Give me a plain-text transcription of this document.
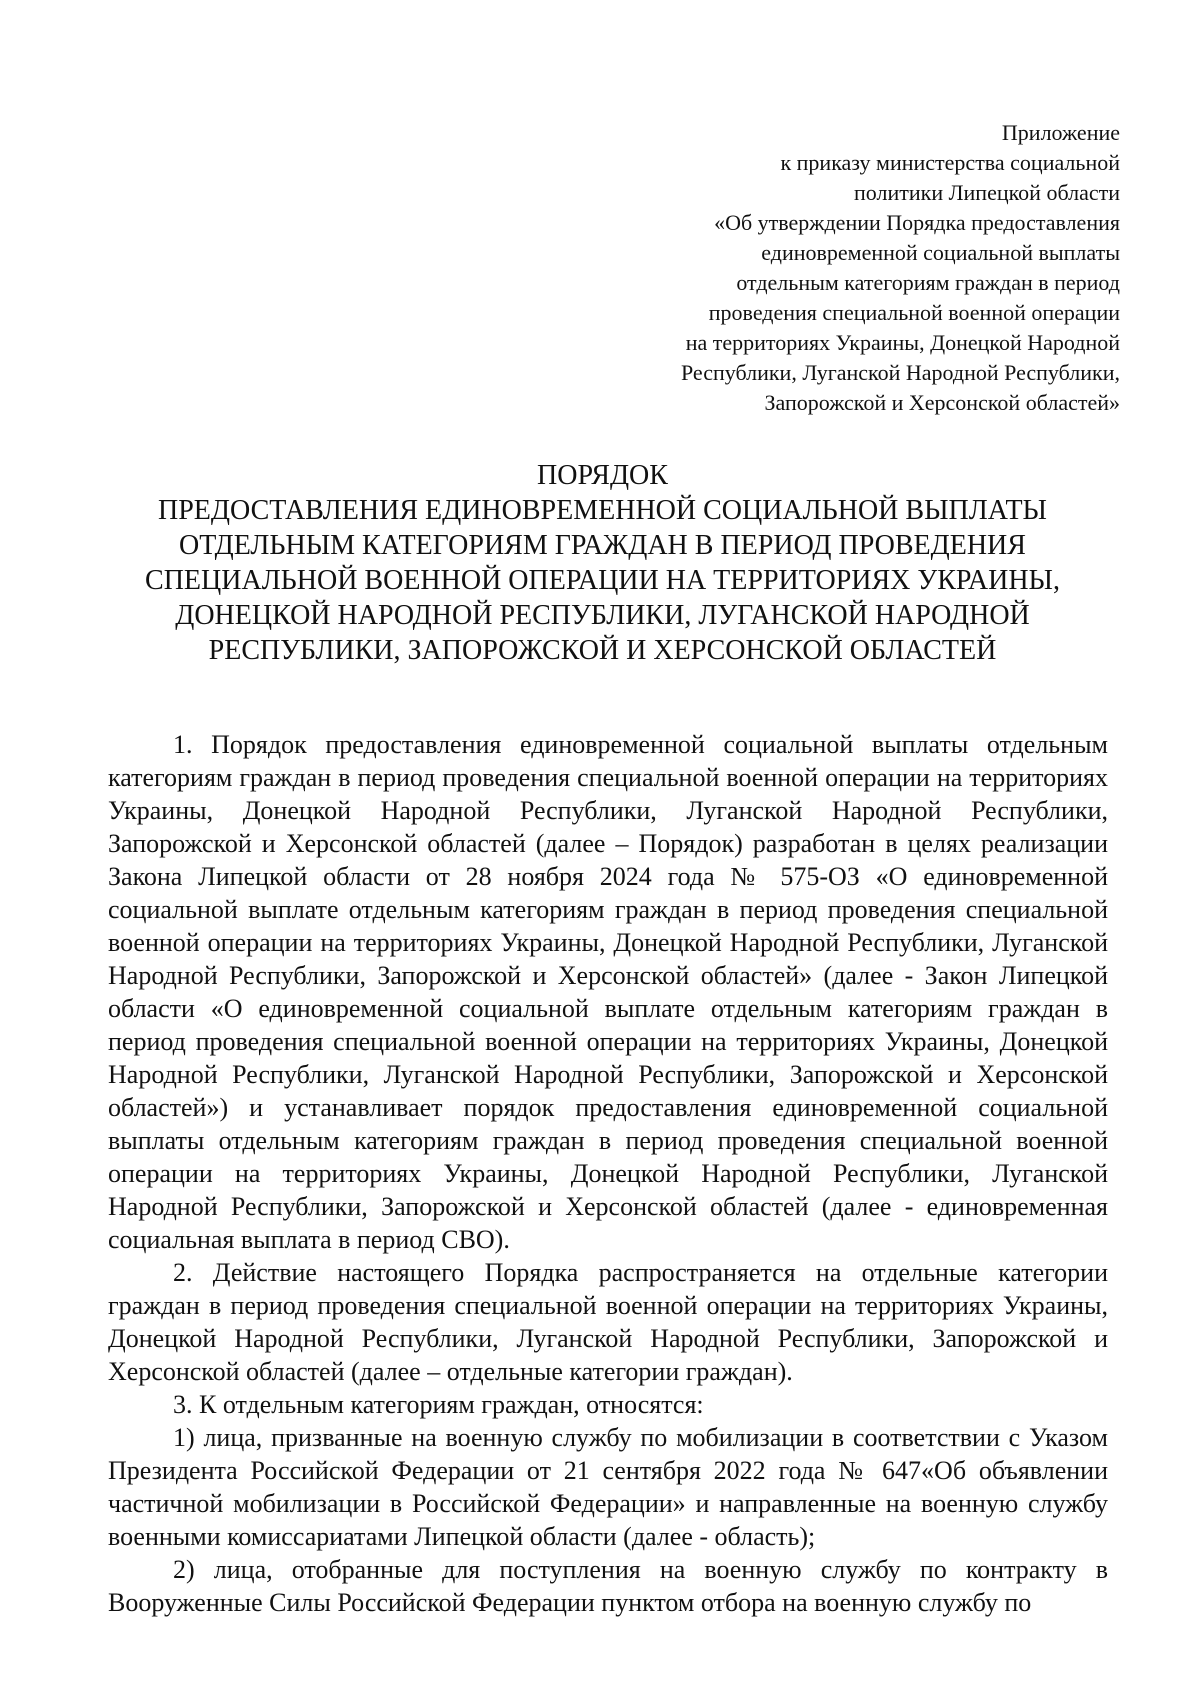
Приложение
к приказу министерства социальной
политики Липецкой области
«Об утверждении Порядка предоставления
единовременной социальной выплаты
отдельным категориям граждан в период
проведения специальной военной операции
на территориях Украины, Донецкой Народной
Республики, Луганской Народной Республики,
Запорожской и Херсонской областей»
ПОРЯДОК
ПРЕДОСТАВЛЕНИЯ ЕДИНОВРЕМЕННОЙ СОЦИАЛЬНОЙ ВЫПЛАТЫ
ОТДЕЛЬНЫМ КАТЕГОРИЯМ ГРАЖДАН В ПЕРИОД ПРОВЕДЕНИЯ
СПЕЦИАЛЬНОЙ ВОЕННОЙ ОПЕРАЦИИ НА ТЕРРИТОРИЯХ УКРАИНЫ,
ДОНЕЦКОЙ НАРОДНОЙ РЕСПУБЛИКИ, ЛУГАНСКОЙ НАРОДНОЙ
РЕСПУБЛИКИ, ЗАПОРОЖСКОЙ И ХЕРСОНСКОЙ ОБЛАСТЕЙ

1. Порядок предоставления единовременной социальной выплаты отдельным категориям граждан в период проведения специальной военной операции на территориях Украины, Донецкой Народной Республики, Луганской Народной Республики, Запорожской и Херсонской областей (далее – Порядок) разработан в целях реализации Закона Липецкой области от 28 ноября 2024 года № 575-ОЗ «О единовременной социальной выплате отдельным категориям граждан в период проведения специальной военной операции на территориях Украины, Донецкой Народной Республики, Луганской Народной Республики, Запорожской и Херсонской областей» (далее - Закон Липецкой области «О единовременной социальной выплате отдельным категориям граждан в период проведения специальной военной операции на территориях Украины, Донецкой Народной Республики, Луганской Народной Республики, Запорожской и Херсонской областей») и устанавливает порядок предоставления единовременной социальной выплаты отдельным категориям граждан в период проведения специальной военной операции на территориях Украины, Донецкой Народной Республики, Луганской Народной Республики, Запорожской и Херсонской областей (далее - единовременная социальная выплата в период СВО).

2. Действие настоящего Порядка распространяется на отдельные категории граждан в период проведения специальной военной операции на территориях Украины, Донецкой Народной Республики, Луганской Народной Республики, Запорожской и Херсонской областей (далее – отдельные категории граждан).

3. К отдельным категориям граждан, относятся:

1) лица, призванные на военную службу по мобилизации в соответствии с Указом Президента Российской Федерации от 21 сентября 2022 года № 647«Об объявлении частичной мобилизации в Российской Федерации» и направленные на военную службу военными комиссариатами Липецкой области (далее - область);

2) лица, отобранные для поступления на военную службу по контракту в Вооруженные Силы Российской Федерации пунктом отбора на военную службу по
